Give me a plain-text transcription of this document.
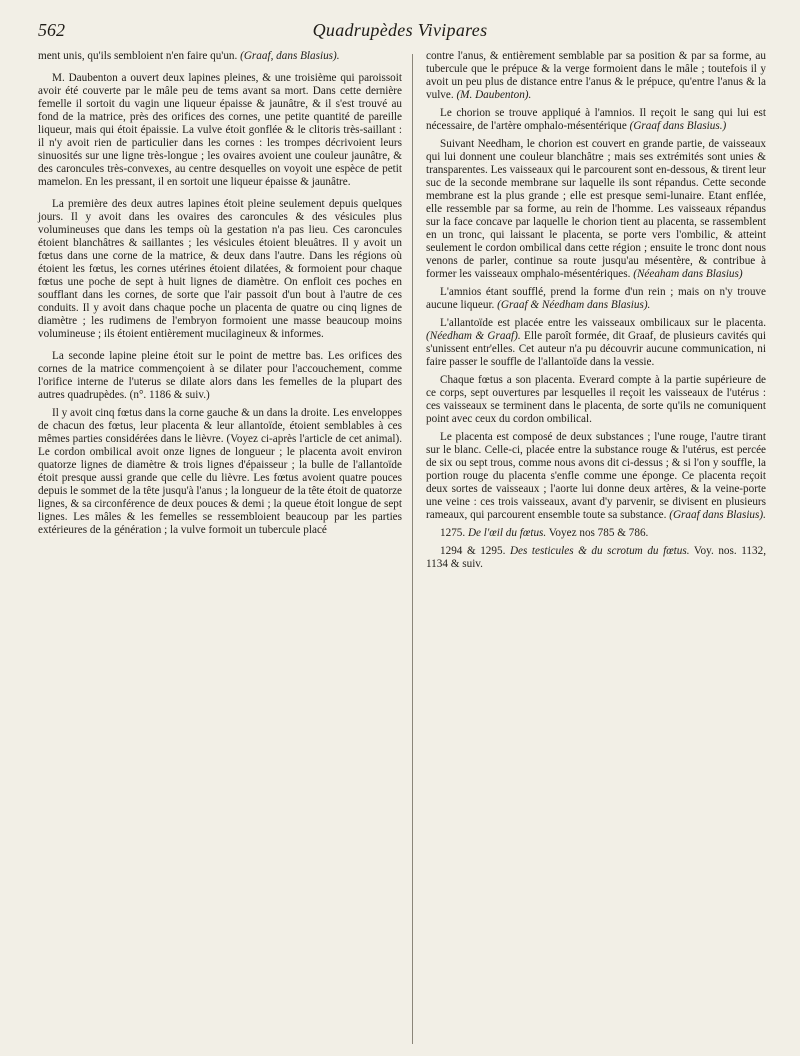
562	Quadrupèdes Vivipares

ment unis, qu'ils sembloient n'en faire qu'un. (Graaf, dans Blasius).

M. Daubenton a ouvert deux lapines pleines, & une troisième qui paroissoit avoir été couverte par le mâle peu de tems avant sa mort. Dans cette dernière femelle il sortoit du vagin une liqueur épaisse & jaunâtre, & il s'est trouvé au fond de la matrice, près des orifices des cornes, une petite quantité de pareille liqueur, mais qui étoit épaissie. La vulve étoit gonflée & le clitoris très-saillant : il n'y avoit rien de particulier dans les cornes : les trompes décrivoient leurs sinuosités sur une ligne très-longue ; les ovaires avoient une couleur jaunâtre, & des caroncules très-convexes, au centre desquelles on voyoit une espèce de petit mamelon. En les pressant, il en sortoit une liqueur épaisse & jaunâtre.

La première des deux autres lapines étoit pleine seulement depuis quelques jours. Il y avoit dans les ovaires des caroncules & des vésicules plus volumineuses que dans les temps où la gestation n'a pas lieu. Ces caroncules étoient blanchâtres & saillantes ; les vésicules étoient bleuâtres. Il y avoit un fœtus dans une corne de la matrice, & deux dans l'autre. Dans les régions où étoient les fœtus, les cornes utérines étoient dilatées, & formoient pour chaque fœtus une poche de sept à huit lignes de diamètre. On enfloit ces poches en soufflant dans les cornes, de sorte que l'air passoit d'un bout à l'autre de ces conduits. Il y avoit dans chaque poche un placenta de quatre ou cinq lignes de diamètre ; les rudimens de l'embryon formoient une masse beaucoup moins volumineuse ; ils étoient entièrement mucilagineux & informes.

La seconde lapine pleine étoit sur le point de mettre bas. Les orifices des cornes de la matrice commençoient à se dilater pour l'accouchement, comme l'orifice interne de l'uterus se dilate alors dans les femelles de la plupart des autres quadrupèdes. (n°. 1186 & suiv.)

Il y avoit cinq fœtus dans la corne gauche & un dans la droite. Les enveloppes de chacun des fœtus, leur placenta & leur allantoïde, étoient semblables à ces mêmes parties considérées dans le lièvre. (Voyez ci-après l'article de cet animal). Le cordon ombilical avoit onze lignes de longueur ; le placenta avoit environ quatorze lignes de diamètre & trois lignes d'épaisseur ; la bulle de l'allantoïde étoit presque aussi grande que celle du lièvre. Les fœtus avoient quatre pouces depuis le sommet de la tête jusqu'à l'anus ; la longueur de la tête étoit de quatorze lignes, & sa circonférence de deux pouces & demi ; la queue étoit longue de sept lignes. Les mâles & les femelles se ressembloient beaucoup par les parties extérieures de la génération ; la vulve formoit un tubercule placé

contre l'anus, & entièrement semblable par sa position & par sa forme, au tubercule que le prépuce & la verge formoient dans le mâle ; toutefois il y avoit un peu plus de distance entre l'anus & le prépuce, qu'entre l'anus & la vulve. (M. Daubenton).

Le chorion se trouve appliqué à l'amnios. Il reçoit le sang qui lui est nécessaire, de l'artère omphalo-mésentérique (Graaf dans Blasius.)

Suivant Needham, le chorion est couvert en grande partie, de vaisseaux qui lui donnent une couleur blanchâtre ; mais ses extrémités sont unies & transparentes. Les vaisseaux qui le parcourent sont en-dessous, & tirent leur suc de la seconde membrane sur laquelle ils sont répandus. Cette seconde membrane est la plus grande ; elle est presque semi-lunaire. Etant enflée, elle ressemble par sa forme, au rein de l'homme. Les vaisseaux répandus sur la face concave par laquelle le chorion tient au placenta, se rassemblent en un tronc, qui laissant le placenta, se porte vers l'ombilic, & atteint seulement le cordon ombilical dans cette région ; ensuite le tronc dont nous venons de parler, continue sa route jusqu'au mésentère, & contribue à former les vaisseaux omphalo-mésentériques. (Néeaham dans Blasius)

L'amnios étant soufflé, prend la forme d'un rein ; mais on n'y trouve aucune liqueur. (Graaf & Néedham dans Blasius).

L'allantoïde est placée entre les vaisseaux ombilicaux sur le placenta. (Néedham & Graaf). Elle paroît formée, dit Graaf, de plusieurs cavités qui s'unissent entr'elles. Cet auteur n'a pu découvrir aucune communication, ni faire passer le souffle de l'allantoïde dans la vessie.

Chaque fœtus a son placenta. Everard compte à la partie supérieure de ce corps, sept ouvertures par lesquelles il reçoit les vaisseaux de l'utérus : ces vaisseaux se terminent dans le placenta, de sorte qu'ils ne comuniquent point avec ceux du cordon ombilical.

Le placenta est composé de deux substances ; l'une rouge, l'autre tirant sur le blanc. Celle-ci, placée entre la substance rouge & l'utérus, est percée de six ou sept trous, comme nous avons dit ci-dessus ; & si l'on y souffle, la portion rouge du placenta s'enfle comme une éponge. Ce placenta reçoit deux sortes de vaisseaux ; l'aorte lui donne deux artères, & la veine-porte une veine : ces trois vaisseaux, avant d'y parvenir, se divisent en plusieurs rameaux, qui parcourent ensemble toute sa substance. (Graaf dans Blasius).

1275. De l'œil du fœtus. Voyez nos 785 & 786.

1294 & 1295. Des testicules & du scrotum du fœtus. Voy. nos. 1132, 1134 & suiv.
